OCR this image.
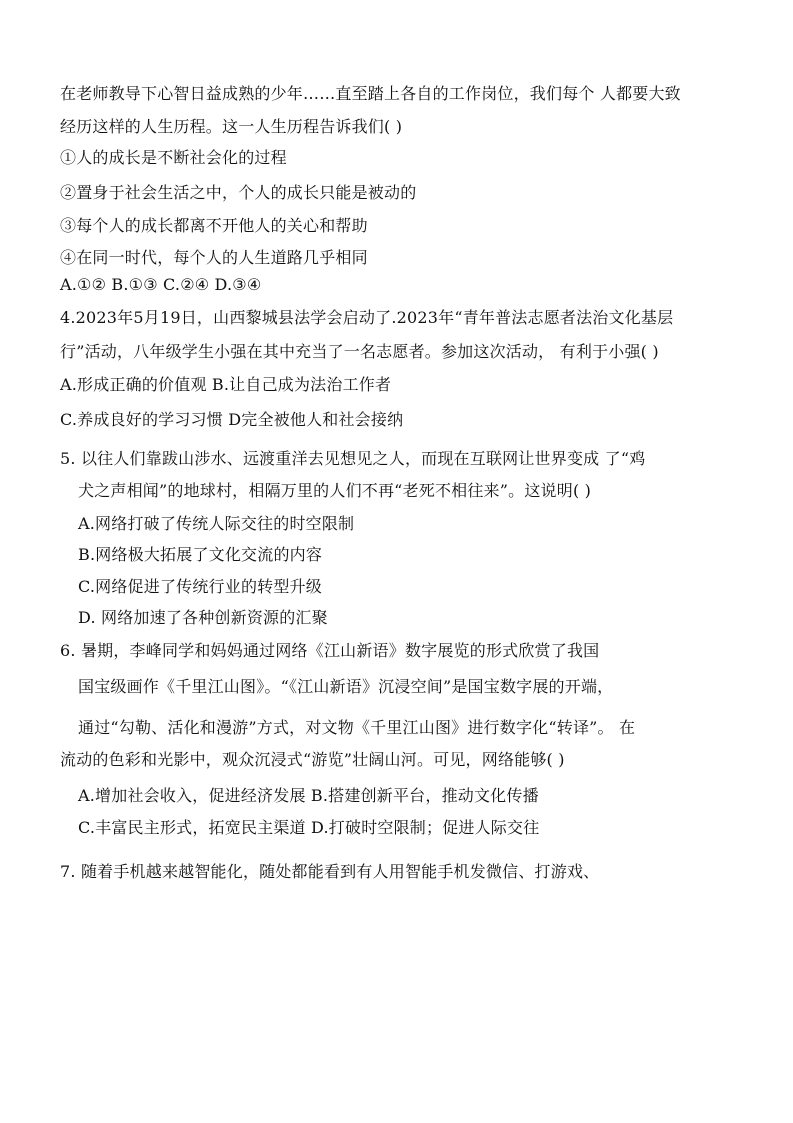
在老师教导下心智日益成熟的少年……直至踏上各自的工作岗位，我们每个 人都要大致
经历这样的人生历程。这一人生历程告诉我们( )
①人的成长是不断社会化的过程
②置身于社会生活之中，个人的成长只能是被动的
③每个人的成长都离不开他人的关心和帮助
④在同一时代，每个人的人生道路几乎相同
A.①② B.①③ C.②④ D.③④
4.2023年5月19日，山西黎城县法学会启动了.2023年“青年普法志愿者法治文化基层
行”活动，八年级学生小强在其中充当了一名志愿者。参加这次活动， 有利于小强( )
A.形成正确的价值观 B.让自己成为法治工作者
C.养成良好的学习习惯 D完全被他人和社会接纳
5. 以往人们靠跋山涉水、远渡重洋去见想见之人，而现在互联网让世界变成 了“鸡
犬之声相闻”的地球村，相隔万里的人们不再“老死不相往来”。这说明( )
A.网络打破了传统人际交往的时空限制
B.网络极大拓展了文化交流的内容
C.网络促进了传统行业的转型升级
D. 网络加速了各种创新资源的汇聚
6. 暑期，李峰同学和妈妈通过网络《江山新语》数字展览的形式欣赏了我国
国宝级画作《千里江山图》。“《江山新语》沉浸空间”是国宝数字展的开端，
通过“勾勒、活化和漫游”方式，对文物《千里江山图》进行数字化“转译”。 在
流动的色彩和光影中，观众沉浸式“游览”壮阔山河。可见，网络能够( )
A.增加社会收入，促进经济发展 B.搭建创新平台，推动文化传播
C.丰富民主形式，拓宽民主渠道 D.打破时空限制；促进人际交往
7. 随着手机越来越智能化，随处都能看到有人用智能手机发微信、打游戏、
